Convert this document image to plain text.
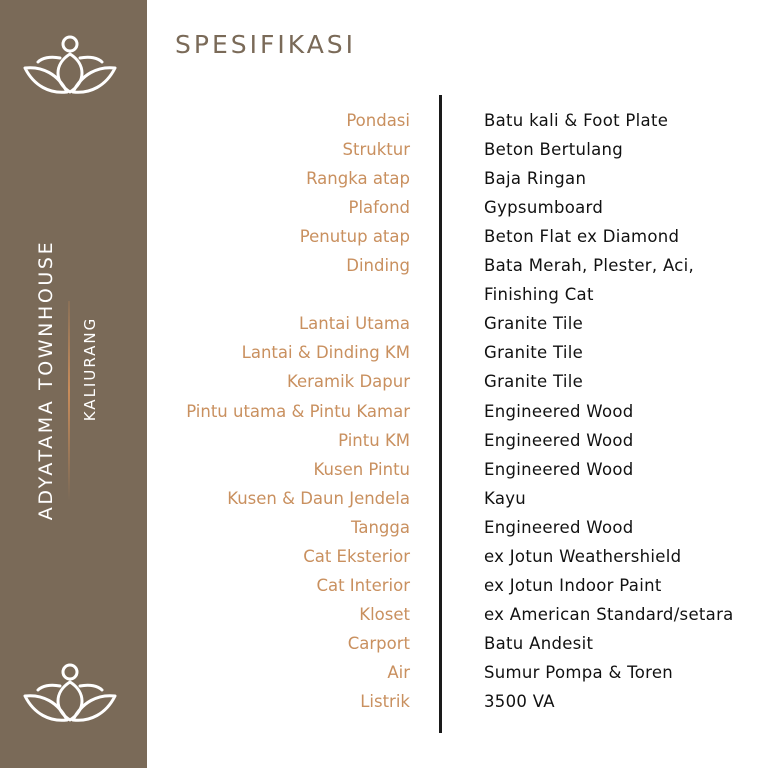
ADYATAMA TOWNHOUSE KALIURANG
SPESIFIKASI
Pondasi	Batu kali & Foot Plate
Struktur	Beton Bertulang
Rangka atap	Baja Ringan
Plafond	Gypsumboard
Penutup atap	Beton Flat ex Diamond
Dinding	Bata Merah, Plester, Aci,
Finishing Cat
Lantai Utama	Granite Tile
Lantai & Dinding KM	Granite Tile
Keramik Dapur	Granite Tile
Pintu utama & Pintu Kamar	Engineered Wood
Pintu KM	Engineered Wood
Kusen Pintu	Engineered Wood
Kusen & Daun Jendela	Kayu
Tangga	Engineered Wood
Cat Eksterior	ex Jotun Weathershield
Cat Interior	ex Jotun Indoor Paint
Kloset	ex American Standard/setara
Carport	Batu Andesit
Air	Sumur Pompa & Toren
Listrik	3500 VA
